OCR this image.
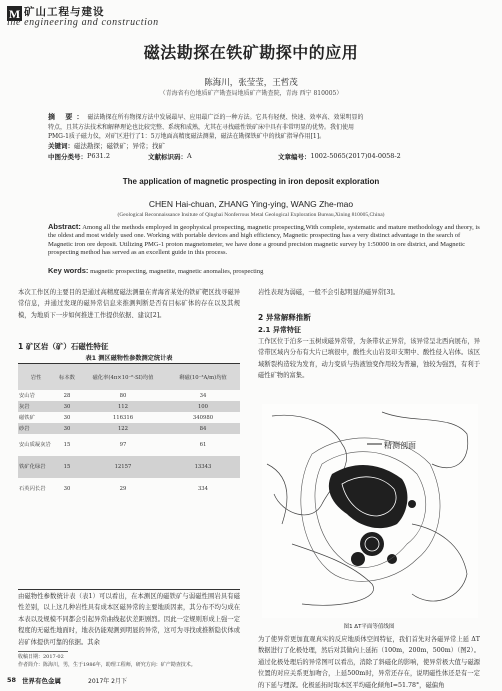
M 矿山工程与建设
ine engineering and construction
磁法勘探在铁矿勘探中的应用
陈海川，张莹莹，王哲茂
（青海省有色地质矿产勘查局地质矿产勘查院，青海 西宁 810005）
摘 要：磁法勘探在所有物探方法中发展最早、应用最广泛的一种方法。它具有轻便、快速、效率高、效果明显的
特点，且其方法技术和解释理论也比较完整、系统和成熟，尤其在寻找磁性铁矿床中具有非常明显的优势。我们使用
PMG-1质子磁力仪，对矿区进行了1：5万地面高精度磁法测量，磁法在勘探铁矿中的找矿指导作用[1]。
关键词：磁法勘探；磁铁矿；异常；找矿
中图分类号： P631.2	文献标识码： A	文章编号： 1002-5065(2017)04-0058-2
The application of magnetic prospecting in iron deposit exploration
CHEN Hai-chuan, ZHANG Ying-ying, WANG Zhe-mao
(Geological Reconnaissance Insitute of Qinghai Nonferrous Metal Geological Exploration Bureau,Xining 810005,China)
Abstract: Among all the methods employed in geophysical prospecting, magnetic prospecting,With complete, systematic and mature methodology and theory, is the oldest and most widely used one. Working with portable devices and high efficiency, Magnetic prospecting has a very distinct advantage in the search of Magnetic iron ore deposit. Utilizing PMG-1 proton magnetometer, we have done a ground precision magnetic survey by 1:50000 in ore district, and Magnetic prospecting method has served as an excellent guide in this process.
Key words: magnetic prospecting, magnetite, magnetic anomalies, prospecting
本次工作区的主要目的是通过高精度磁法测量在青海省某处的铁矿靶区找寻磁异常信息，并通过发现的磁异常信息来推测判断是否有目标矿体的存在以及其规模，为地质下一步如何推进工作提供依据、建议[2]。
1 矿区岩（矿）石磁性特征
表1 测区磁物性参数测定统计表
岩性	标本数	磁化率(4π×10⁻⁶·SI)均值	剩磁(10⁻³A/m)均值
安山岩	28	80	34
灰岩	30	112	100
磁铁矿	30	116316	340980
砂岩	30	122	84
安山质凝灰岩	15	97	61
铁矿化绿岩	15	12157	13343
石英闪长岩	30	29	334
由磁物性参数统计表（表1）可以看出，在本测区的磁铁矿与弱磁性围岩具有磁性差别，以上这几种岩性具有成本区磁异常的主要地质因素，其分布不均匀成在本表以及规模不同都会引起异常曲线起伏差距剧烈。因此一定规则形成上强一定程度的无磁性地面时，地表仍能观测到明显的异常，这可为寻找或推断隐伏体或岩矿体提供可靠的依据。其余
收稿日期：2017-02
作者简介：陈海川，男，生于1986年，助理工程师，研究方向：矿产勘查技术。
岩性表现为弱磁，一般不会引起明显的磁异常[3]。
2 异常解释推断
2.1 异常特征
工作区位于泊多一玉树成磁异常带，为条带状正异常，该异常呈北西向展布，异常带区域内分布有大片已填很中，酸性火山岩及印支期中、酸性侵入岩体。该区域断裂构造较为发育，动力变质与热液蚀变作用较为普遍，蚀较为强烈，有利于磁性矿物的富集。
精测剖面
图1 ΔT平面等值线图
为了使异常更加直观真实的反应地质体空间特征，我们首先对各磁异常上延 ΔT 数据进行了化极处理，然后对其做向上延拓（100m，200m，500m）（图2）。通过化极处理后的异常图可以看出，消除了斜磁化的影响，使异常极大值与磁源位置的对应关系更加吻合，上延500m时，异常还存在，说明磁性体还是有一定的下延与埋深。化极延拓时取本区平均磁化倾角I=51.78°，磁偏角
58 世界有色金属	2017年 2月下
